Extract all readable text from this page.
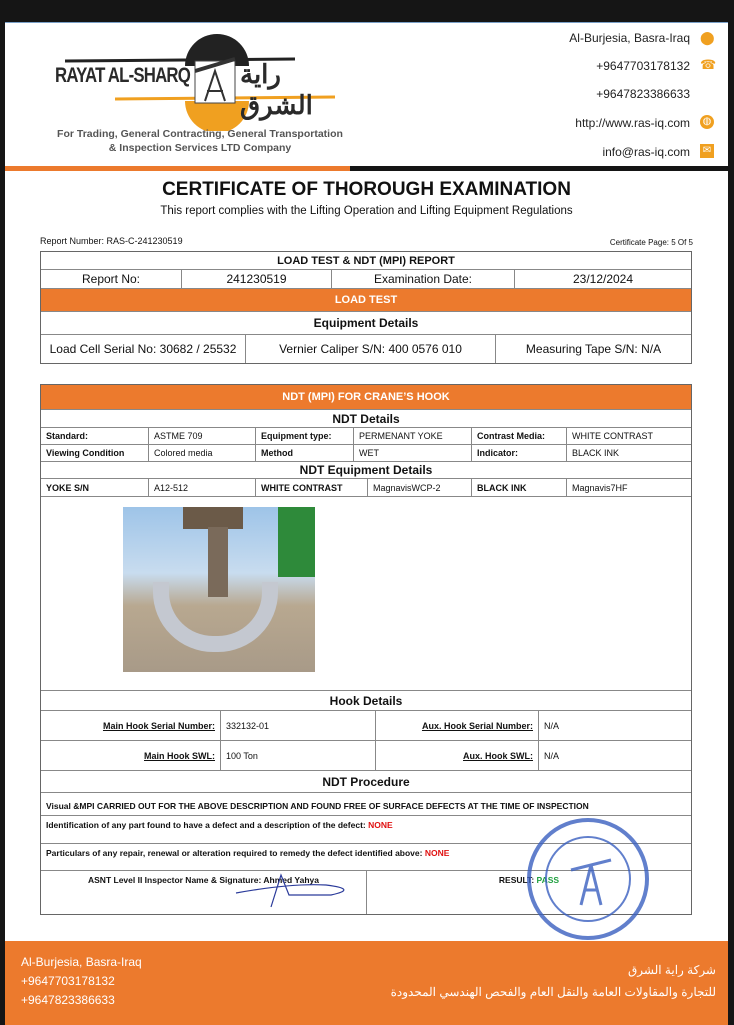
RAYAT AL-SHARQ راية الشرق
For Trading, General Contracting, General Transportation
& Inspection Services LTD Company
Al-Burjesia, Basra-Iraq ⬤
+9647703178132 ☎
+9647823386633
http://www.ras-iq.com ◍
info@ras-iq.com ✉
CERTIFICATE OF THOROUGH EXAMINATION
This report complies with the Lifting Operation and Lifting Equipment Regulations
Report Number: RAS-C-241230519	Certificate Page: 5 Of 5
LOAD TEST & NDT (MPI) REPORT
Report No:	241230519	Examination Date:	23/12/2024
LOAD TEST
Equipment Details
Load Cell Serial No: 30682 / 25532	Vernier Caliper S/N: 400 0576 010	Measuring Tape S/N: N/A
NDT (MPI) FOR CRANE’S HOOK
NDT Details
Standard:	ASTME 709	Equipment type:	PERMENANT YOKE	Contrast Media:	WHITE CONTRAST
Viewing Condition	Colored media	Method	WET	Indicator:	BLACK INK
NDT Equipment Details
YOKE S/N	A12-512	WHITE CONTRAST	MagnavisWCP-2	BLACK INK	Magnavis7HF
Hook Details
Main Hook Serial Number:	332132-01	Aux. Hook Serial Number:	N/A
Main Hook SWL:	100 Ton	Aux. Hook SWL:	N/A
NDT Procedure
Visual &MPI CARRIED OUT FOR THE ABOVE DESCRIPTION AND FOUND FREE OF SURFACE DEFECTS AT THE TIME OF INSPECTION
Identification of any part found to have a defect and a description of the defect: NONE
Particulars of any repair, renewal or alteration required to remedy the defect identified above: NONE
ASNT Level II Inspector Name & Signature: Ahmed Yahya	RESULT: PASS
Al-Burjesia, Basra-Iraq
+9647703178132
+9647823386633
شركة راية الشرق
للتجارة والمقاولات العامة والنقل العام والفحص الهندسي المحدودة
